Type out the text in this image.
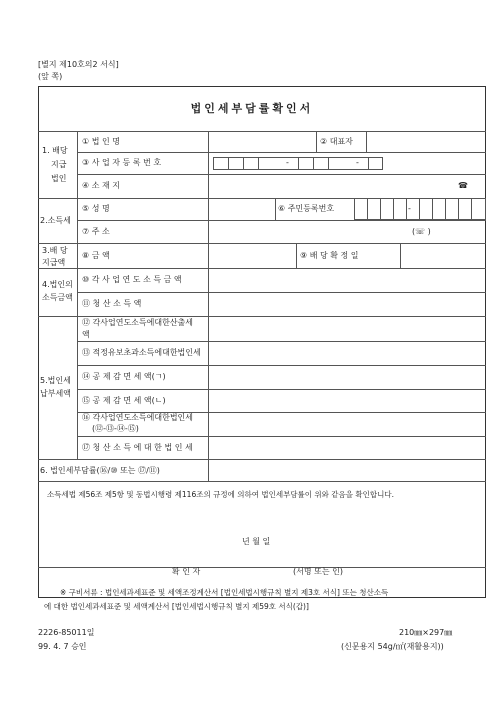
[별지 제10호의2 서식]
(앞 쪽)
법인세부담률확인서
1. 배당
지급
법인
① 법 인 명	② 대표자
③ 사 업 자 등 록 번 호	-	-
④ 소 재 지	☎
2.소득세
⑤ 성 명	⑥ 주민등록번호	-
⑦ 주 소	(☏ )
3.배 당
지급액
⑧ 금 액	⑨ 배 당 확 정 일
4.법인의
소득금액
⑩ 각 사 업 연 도 소 득 금 액
⑪ 청 산 소 득 액
5.법인세
납부세액
⑫ 각사업연도소득에대한산출세
액
⑬ 적정유보초과소득에대한법인세
⑭ 공 제 감 면 세 액(ㄱ)
⑮ 공 제 감 면 세 액(ㄴ)
⑯ 각사업연도소득에대한법인세
(⑫-⑬-⑭-⑮)
⑰ 청 산 소 득 에 대 한 법 인 세
6. 법인세부담률(⑯/⑩ 또는 ⑰/⑪)
소득세법 제56조 제5항 및 동법시행령 제116조의 규정에 의하여 법인세부담률이 위와 같음을 확인합니다.
년 월 일
확 인 자	(서명 또는 인)
※ 구비서류 : 법인세과세표준 및 세액조정계산서 [법인세법시행규칙 별지 제3호 서식] 또는 청산소득
에 대한 법인세과세표준 및 세액계산서 [법인세법시행규칙 별지 제59호 서식(갑)]
2226-85011일	210㎜×297㎜
99. 4. 7 승인	(신문용지 54g/㎡(재활용지))
